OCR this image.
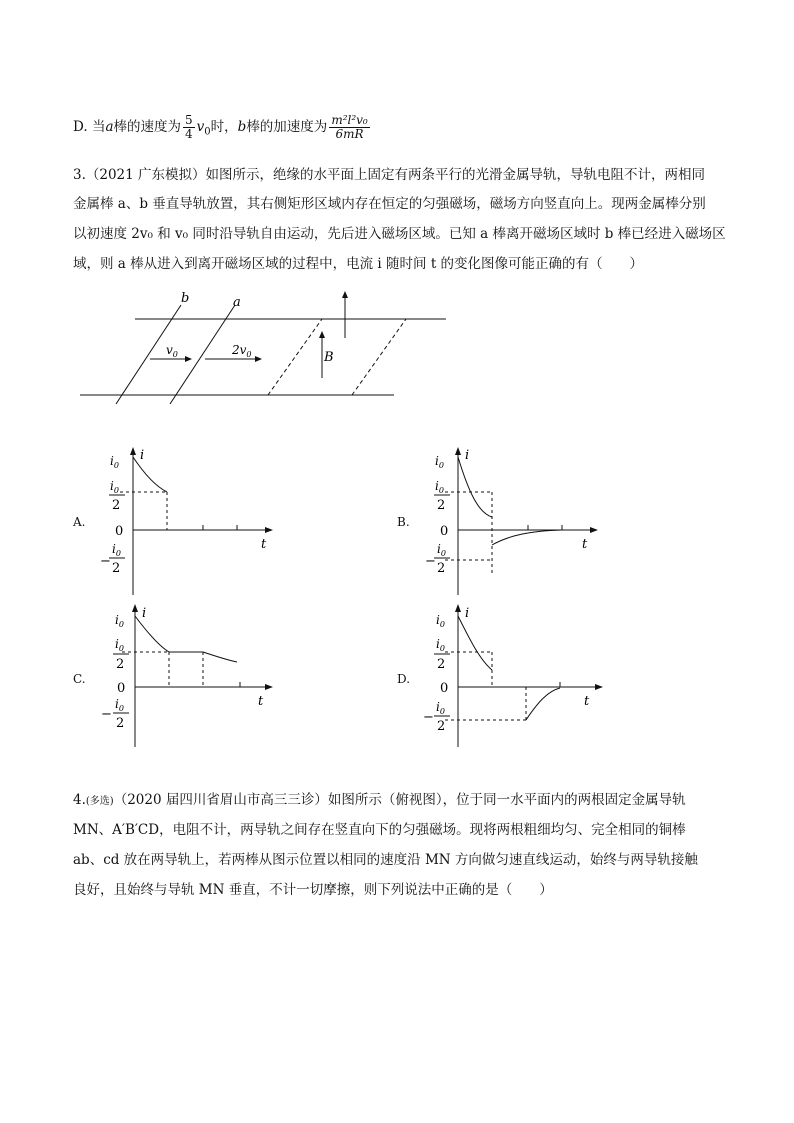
D. 当a棒的速度为 $\frac{5}{4} v_0$时，b棒的加速度为 $\frac{\text{m²l²v₀}}{6mR}$
3.（2021 广东模拟）如图所示，绝缘的水平面上固定有两条平行的光滑金属导轨，导轨电阻不计，两相同
金属棒 a、b 垂直导轨放置，其右侧矩形区域内存在恒定的匀强磁场，磁场方向竖直向上。现两金属棒分别
以初速度 2v₀ 和 v₀ 同时沿导轨自由运动，先后进入磁场区域。已知 a 棒离开磁场区域时 b 棒已经进入磁场区
域，则 a 棒从进入到离开磁场区域的过程中，电流 i 随时间 t 的变化图像可能正确的有（　　）
b	a
$v_0$	$2v_0$	B
A.
i
t
$i_0$
$i_0$
2
0
−
$i_0$
2
B.
i
t
$i_0$
$i_0$
2
0
−
$i_0$
2
C.
i
t
$i_0$
$i_0$
2
0
−
$i_0$
2
D.
i
t
$i_0$
$i_0$
2
0
−
$i_0$
2
4.(多选)（2020 届四川省眉山市高三三诊）如图所示（俯视图），位于同一水平面内的两根固定金属导轨
MN、A′B′CD，电阻不计，两导轨之间存在竖直向下的匀强磁场。现将两根粗细均匀、完全相同的铜棒
ab、cd 放在两导轨上，若两棒从图示位置以相同的速度沿 MN 方向做匀速直线运动，始终与两导轨接触
良好，且始终与导轨 MN 垂直，不计一切摩擦，则下列说法中正确的是（　　）
